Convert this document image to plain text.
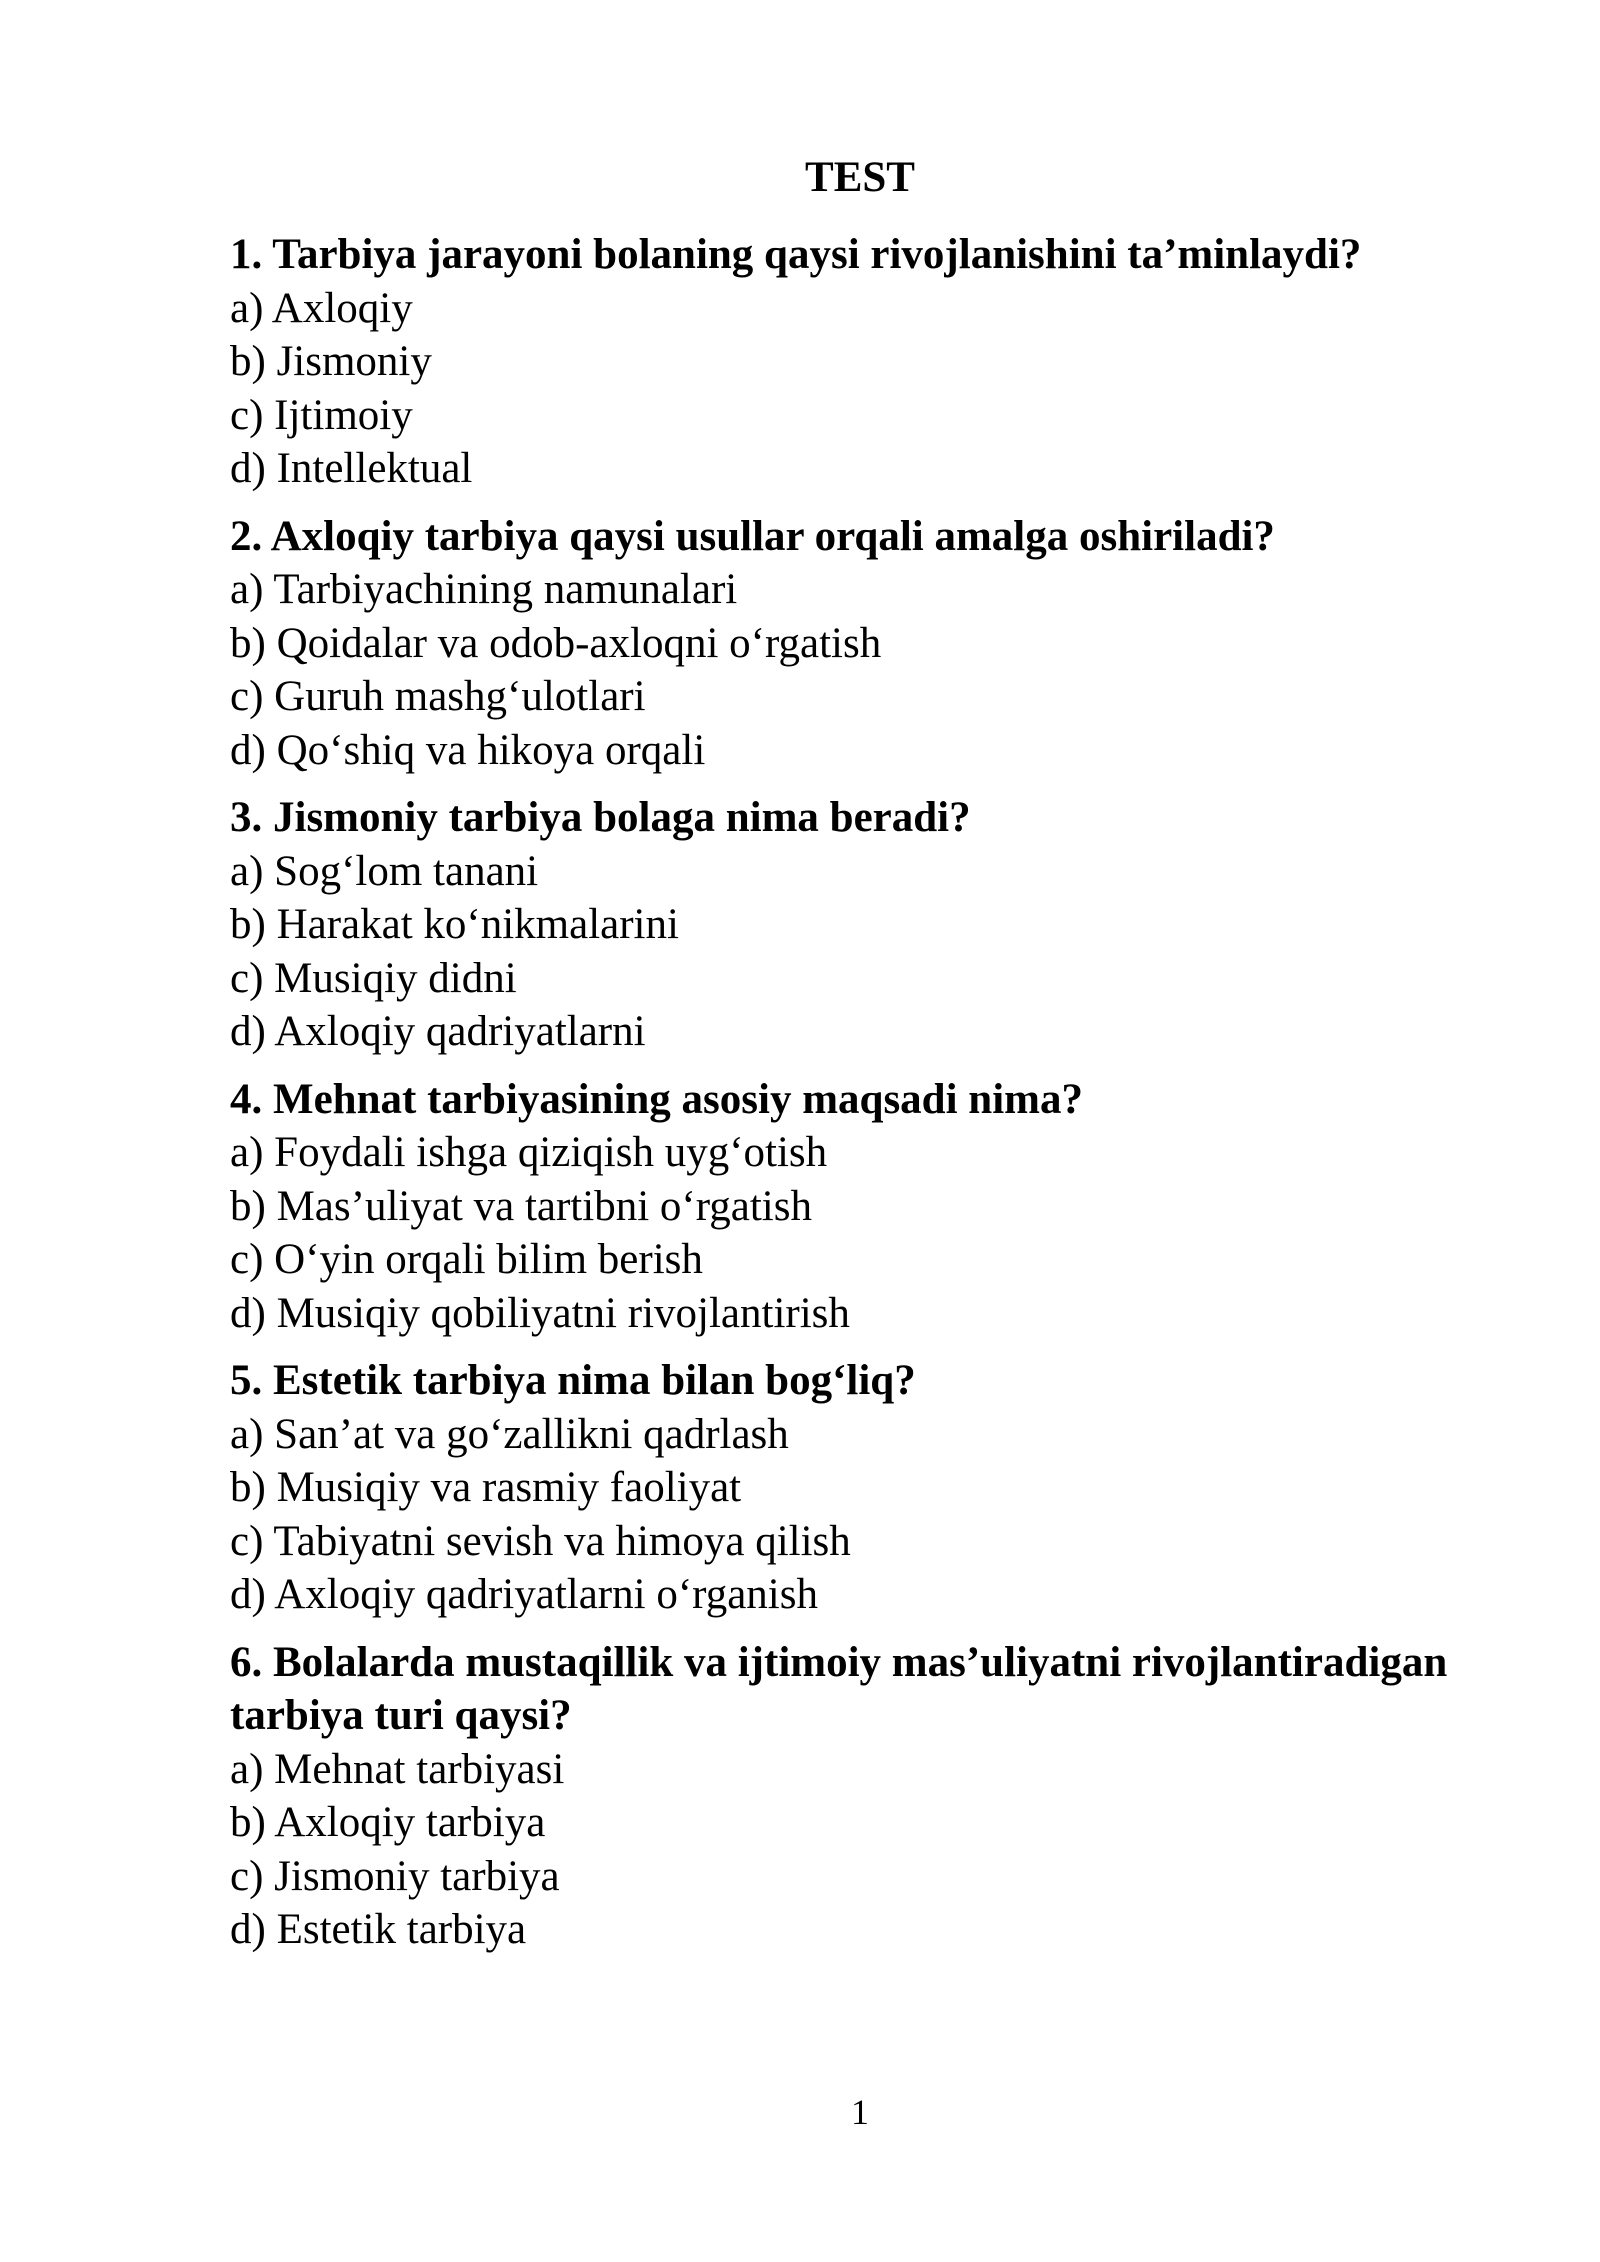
TEST

1. Tarbiya jarayoni bolaning qaysi rivojlanishini ta’minlaydi?

a) Axloqiy
b) Jismoniy
c) Ijtimoiy
d) Intellektual

2. Axloqiy tarbiya qaysi usullar orqali amalga oshiriladi?

a) Tarbiyachining namunalari
b) Qoidalar va odob-axloqni o‘rgatish
c) Guruh mashg‘ulotlari
d) Qo‘shiq va hikoya orqali

3. Jismoniy tarbiya bolaga nima beradi?

a) Sog‘lom tanani
b) Harakat ko‘nikmalarini
c) Musiqiy didni
d) Axloqiy qadriyatlarni

4. Mehnat tarbiyasining asosiy maqsadi nima?

a) Foydali ishga qiziqish uyg‘otish
b) Mas’uliyat va tartibni o‘rgatish
c) O‘yin orqali bilim berish
d) Musiqiy qobiliyatni rivojlantirish

5. Estetik tarbiya nima bilan bog‘liq?

a) San’at va go‘zallikni qadrlash
b) Musiqiy va rasmiy faoliyat
c) Tabiyatni sevish va himoya qilish
d) Axloqiy qadriyatlarni o‘rganish

6. Bolalarda mustaqillik va ijtimoiy mas’uliyatni rivojlantiradigan tarbiya turi qaysi?

a) Mehnat tarbiyasi
b) Axloqiy tarbiya
c) Jismoniy tarbiya
d) Estetik tarbiya
1
